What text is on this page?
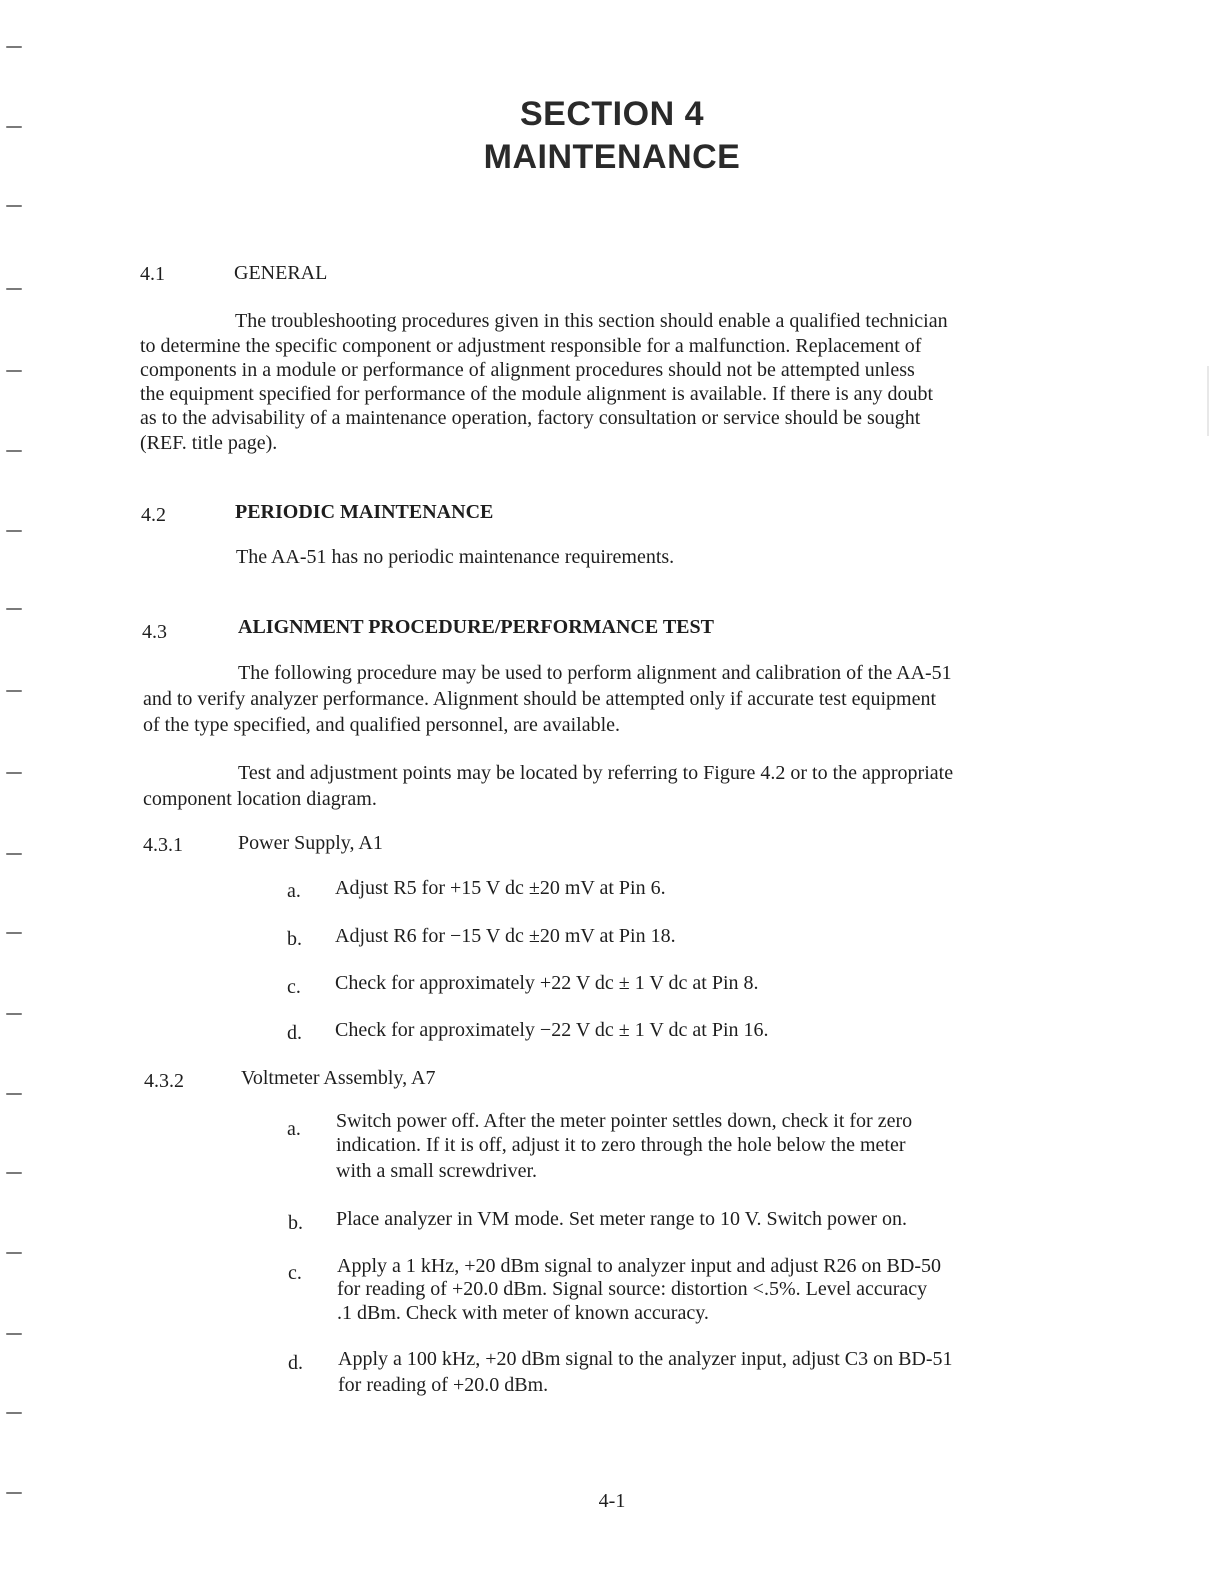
SECTION 4
MAINTENANCE
4.1	GENERAL
The troubleshooting procedures given in this section should enable a qualified technician
to determine the specific component or adjustment responsible for a malfunction. Replacement of
components in a module or performance of alignment procedures should not be attempted unless
the equipment specified for performance of the module alignment is available. If there is any doubt
as to the advisability of a maintenance operation, factory consultation or service should be sought
(REF. title page).
4.2	PERIODIC MAINTENANCE
The AA-51 has no periodic maintenance requirements.
4.3	ALIGNMENT PROCEDURE/PERFORMANCE TEST
The following procedure may be used to perform alignment and calibration of the AA-51
and to verify analyzer performance. Alignment should be attempted only if accurate test equipment
of the type specified, and qualified personnel, are available.
Test and adjustment points may be located by referring to Figure 4.2 or to the appropriate
component location diagram.
4.3.1	Power Supply, A1
a. Adjust R5 for +15 V dc ±20 mV at Pin 6.
b. Adjust R6 for −15 V dc ±20 mV at Pin 18.
c. Check for approximately +22 V dc ± 1 V dc at Pin 8.
d. Check for approximately −22 V dc ± 1 V dc at Pin 16.
4.3.2	Voltmeter Assembly, A7
a. Switch power off. After the meter pointer settles down, check it for zero
indication. If it is off, adjust it to zero through the hole below the meter
with a small screwdriver.
b. Place analyzer in VM mode. Set meter range to 10 V. Switch power on.
c. Apply a 1 kHz, +20 dBm signal to analyzer input and adjust R26 on BD-50
for reading of +20.0 dBm. Signal source: distortion <.5%. Level accuracy
.1 dBm. Check with meter of known accuracy.
d. Apply a 100 kHz, +20 dBm signal to the analyzer input, adjust C3 on BD-51
for reading of +20.0 dBm.
4-1
